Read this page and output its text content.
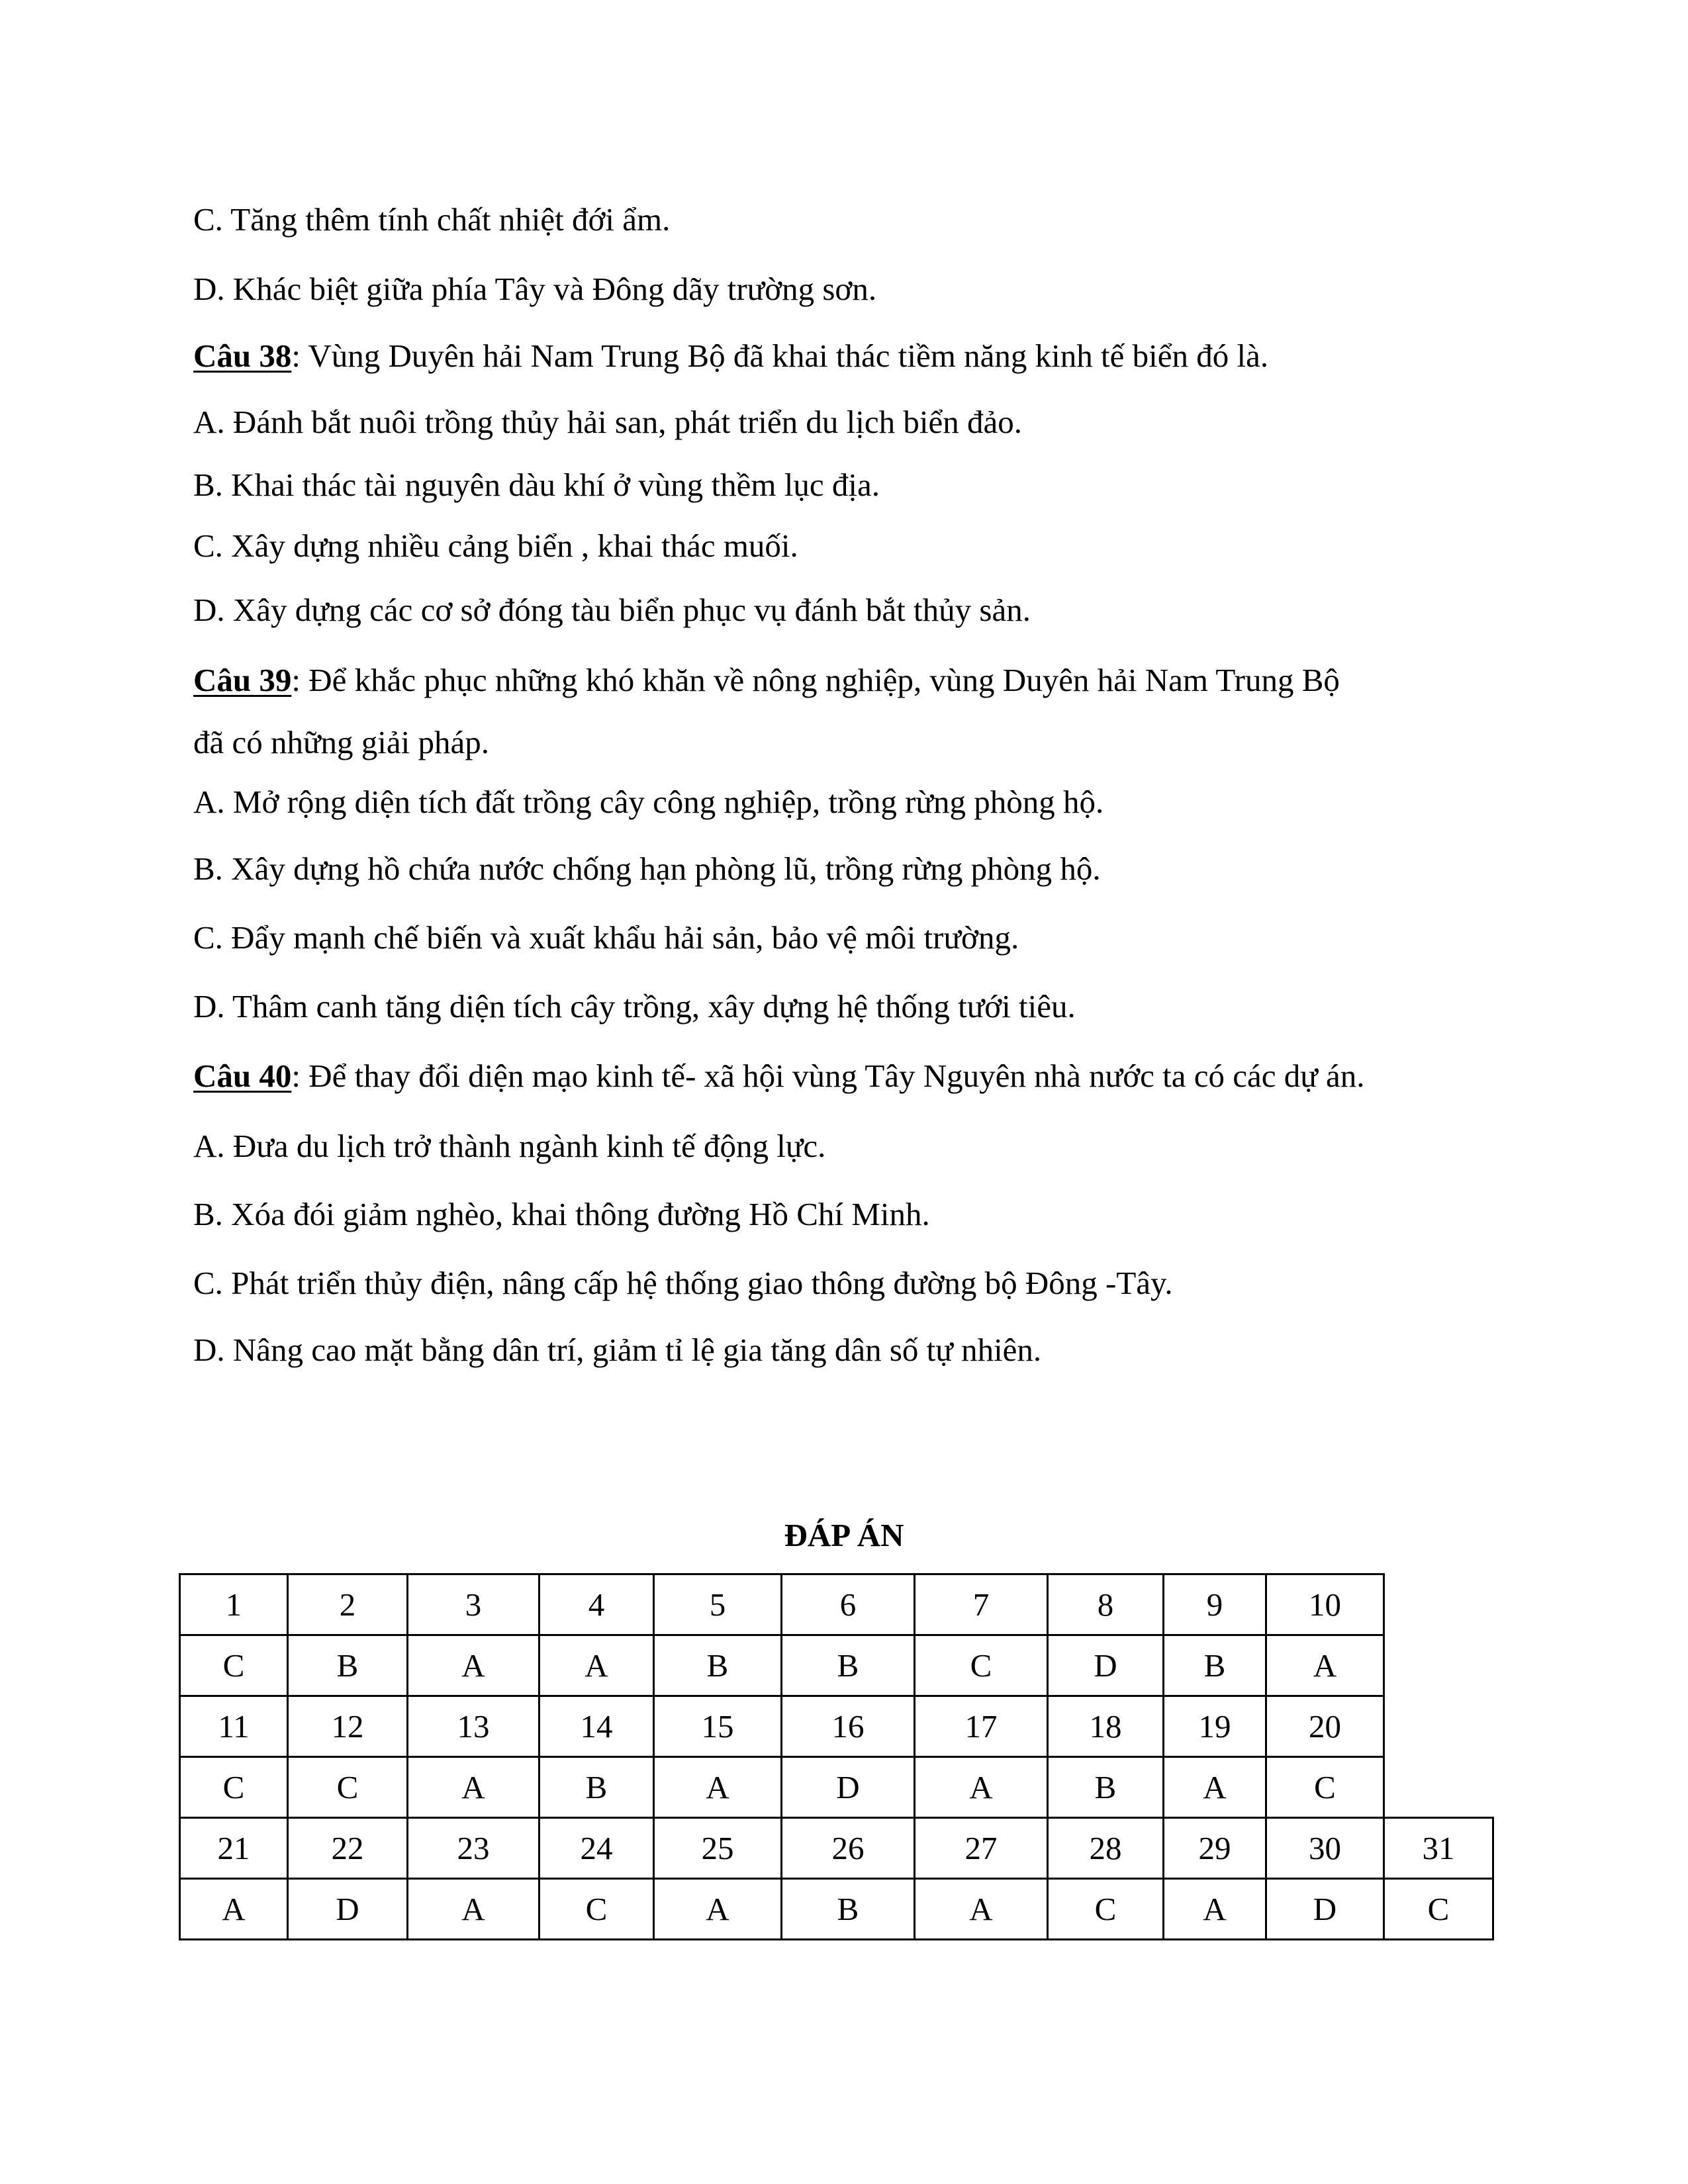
C. Tăng thêm tính chất nhiệt đới ẩm.
D. Khác biệt giữa phía Tây và Đông dãy trường sơn.
Câu 38: Vùng Duyên hải Nam Trung Bộ đã khai thác tiềm năng kinh tế biển đó là.
A. Đánh bắt nuôi trồng thủy hải san, phát triển du lịch biển đảo.
B. Khai thác tài nguyên dàu khí ở vùng thềm lục địa.
C. Xây dựng nhiều cảng biển , khai thác muối.
D. Xây dựng các cơ sở đóng tàu biển phục vụ đánh bắt thủy sản.
Câu 39: Để khắc phục những khó khăn về nông nghiệp, vùng Duyên hải Nam Trung Bộ
đã có những giải pháp.
A. Mở rộng diện tích đất trồng cây công nghiệp, trồng rừng phòng hộ.
B. Xây dựng hồ chứa nước chống hạn phòng lũ, trồng rừng phòng hộ.
C. Đẩy mạnh chế biến và xuất khẩu hải sản, bảo vệ môi trường.
D. Thâm canh tăng diện tích cây trồng, xây dựng hệ thống tưới tiêu.
Câu 40: Để thay đổi diện mạo kinh tế- xã hội vùng Tây Nguyên nhà nước ta có các dự án.
A. Đưa du lịch trở thành ngành kinh tế động lực.
B. Xóa đói giảm nghèo, khai thông đường Hồ Chí Minh.
C. Phát triển thủy điện, nâng cấp hệ thống giao thông đường bộ Đông -Tây.
D. Nâng cao mặt bằng dân trí, giảm tỉ lệ gia tăng dân số tự nhiên.
ĐÁP ÁN
1	2	3	4	5	6	7	8	9	10	
C	B	A	A	B	B	C	D	B	A	
11	12	13	14	15	16	17	18	19	20	
C	C	A	B	A	D	A	B	A	C	
21	22	23	24	25	26	27	28	29	30	31
A	D	A	C	A	B	A	C	A	D	C
